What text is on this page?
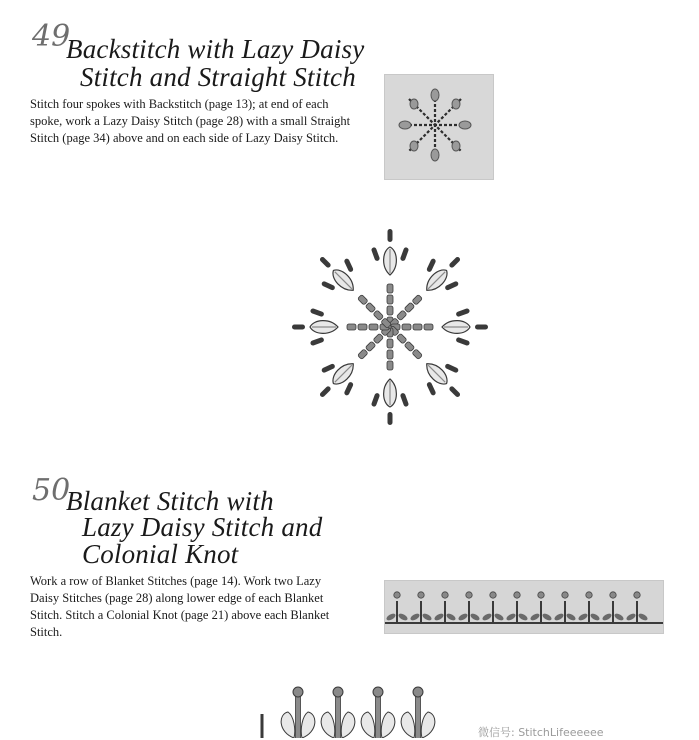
49
Backstitch with Lazy Daisy
Stitch and Straight Stitch
Stitch four spokes with Backstitch (page 13); at end of each spoke, work a Lazy Daisy Stitch (page 28) with a small Straight Stitch (page 34) above and on each side of Lazy Daisy Stitch.
50
Blanket Stitch with
Lazy Daisy Stitch and
Colonial Knot
Work a row of Blanket Stitches (page 14). Work two Lazy Daisy Stitches (page 28) along lower edge of each Blanket Stitch. Stitch a Colonial Knot (page 21) above each Blanket Stitch.
微信号: StitchLifeeeeee
